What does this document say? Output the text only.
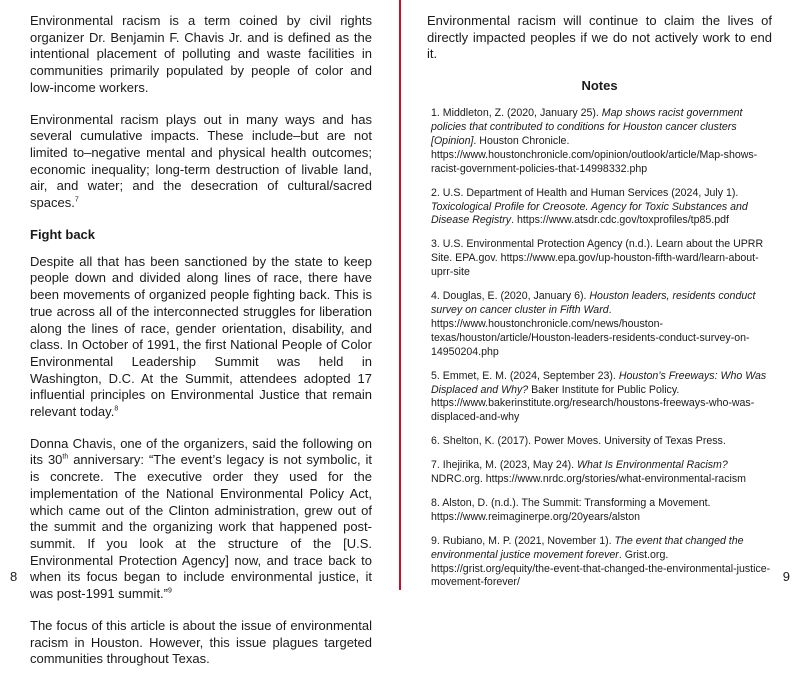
Environmental racism is a term coined by civil rights organizer Dr. Benjamin F. Chavis Jr. and is defined as the intentional placement of polluting and waste facilities in communities primarily populated by people of color and low-income workers.

Environmental racism plays out in many ways and has several cumulative impacts. These include–but are not limited to–negative mental and physical health outcomes; economic inequality; long-term destruction of livable land, air, and water; and the desecration of cultural/sacred spaces.$^7$

Fight back

Despite all that has been sanctioned by the state to keep people down and divided along lines of race, there have been movements of organized people fighting back. This is true across all of the interconnected struggles for liberation along the lines of race, gender orientation, disability, and class. In October of 1991, the first National People of Color Environmental Leadership Summit was held in Washington, D.C. At the Summit, attendees adopted 17 influential principles on Environmental Justice that remain relevant today.$^8$

Donna Chavis, one of the organizers, said the following on its 30th anniversary: “The event’s legacy is not symbolic, it is concrete. The executive order they used for the implementation of the National Environmental Policy Act, which came out of the Clinton administration, grew out of the summit and the organizing work that happened post-summit. If you look at the structure of the [U.S. Environmental Protection Agency] now, and trace back to when its focus began to include environmental justice, it was post-1991 summit.”$^9$

The focus of this article is about the issue of environmental racism in Houston. However, this issue plagues targeted communities throughout Texas.

Environmental racism will continue to claim the lives of directly impacted peoples if we do not actively work to end it.

Notes

1. Middleton, Z. (2020, January 25). Map shows racist government policies that contributed to conditions for Houston cancer clusters [Opinion]. Houston Chronicle. https://www.houstonchronicle.com/opinion/outlook/article/Map-shows-racist-government-policies-that-14998332.php

2. U.S. Department of Health and Human Services (2024, July 1). Toxicological Profile for Creosote. Agency for Toxic Substances and Disease Registry. https://www.atsdr.cdc.gov/toxprofiles/tp85.pdf

3. U.S. Environmental Protection Agency (n.d.). Learn about the UPRR Site. EPA.gov. https://www.epa.gov/up-houston-fifth-ward/learn-about-uprr-site

4. Douglas, E. (2020, January 6). Houston leaders, residents conduct survey on cancer cluster in Fifth Ward. https://www.houstonchronicle.com/news/houston-texas/houston/article/Houston-leaders-residents-conduct-survey-on-14950204.php

5. Emmet, E. M. (2024, September 23). Houston’s Freeways: Who Was Displaced and Why? Baker Institute for Public Policy. https://www.bakerinstitute.org/research/houstons-freeways-who-was-displaced-and-why

6. Shelton, K. (2017). Power Moves. University of Texas Press.

7. Ihejirika, M. (2023, May 24). What Is Environmental Racism? NDRC.org. https://www.nrdc.org/stories/what-environmental-racism

8. Alston, D. (n.d.). The Summit: Transforming a Movement. https://www.reimaginerpe.org/20years/alston

9. Rubiano, M. P. (2021, November 1). The event that changed the environmental justice movement forever. Grist.org. https://grist.org/equity/the-event-that-changed-the-environmental-justice-movement-forever/

8	9
